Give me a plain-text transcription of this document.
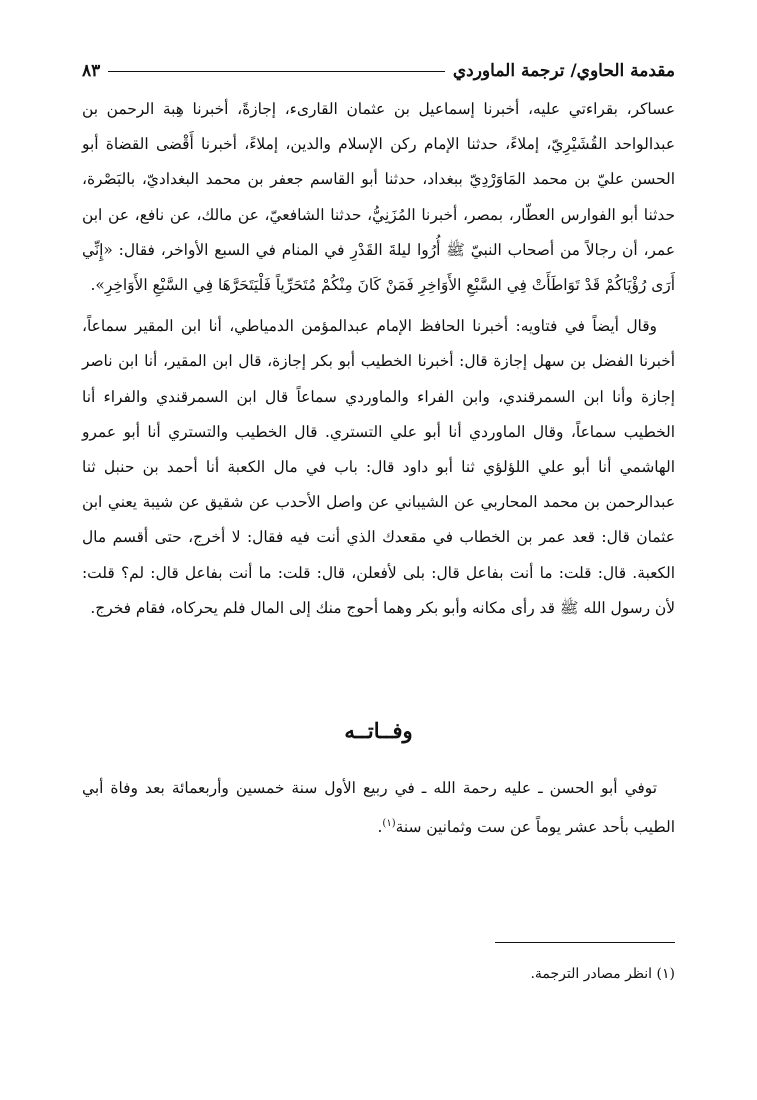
مقدمة الحاوي/ ترجمة الماوردي
٨٣

عساكر، بقراءتي عليه، أخبرنا إسماعيل بن عثمان القارىء، إجازةً، أخبرنا هِبة الرحمن بن عبدالواحد القُشَيْرِيّ، إملاءً، حدثنا الإمام ركن الإسلام والدين، إملاءً، أخبرنا أَقْضى القضاة أبو الحسن عليّ بن محمد المَاوَرْدِيّ ببغداد، حدثنا أبو القاسم جعفر بن محمد البغداديّ، بالبَصْرة، حدثنا أبو الفوارس العطّار، بمصر، أخبرنا المُزَنِيُّ، حدثنا الشافعيّ، عن مالك، عن نافع، عن ابن عمر، أن رجالاً من أصحاب النبيّ ﷺ أُرُوا ليلةَ القَدْرِ في المنام في السبع الأواخر، فقال: «إِنِّي أَرَى رُؤْيَاكُمْ قَدْ تَوَاطَأَتْ فِي السَّبْعِ الأَوَاخِرِ فَمَنْ كَانَ مِنْكُمْ مُتَحَرِّياً فَلْيَتَحَرَّهَا فِي السَّبْعِ الأَوَاخِرِ».

وقال أيضاً في فتاويه: أخبرنا الحافظ الإمام عبدالمؤمن الدمياطي، أنا ابن المقير سماعاً، أخبرنا الفضل بن سهل إجازة قال: أخبرنا الخطيب أبو بكر إجازة، قال ابن المقير، أنا ابن ناصر إجازة وأنا ابن السمرقندي، وابن الفراء والماوردي سماعاً قال ابن السمرقندي والفراء أنا الخطيب سماعاً، وقال الماوردي أنا أبو علي التستري. قال الخطيب والتستري أنا أبو عمرو الهاشمي أنا أبو علي اللؤلؤي ثنا أبو داود قال: باب في مال الكعبة أنا أحمد بن حنبل ثنا عبدالرحمن بن محمد المحاربي عن الشيباني عن واصل الأحدب عن شقيق عن شيبة يعني ابن عثمان قال: قعد عمر بن الخطاب في مقعدك الذي أنت فيه فقال: لا أخرج، حتى أقسم مال الكعبة. قال: قلت: ما أنت بفاعل قال: بلى لأفعلن، قال: قلت: ما أنت بفاعل قال: لم؟ قلت: لأن رسول الله ﷺ قد رأى مكانه وأبو بكر وهما أحوج منك إلى المال فلم يحركاه، فقام فخرج.

وفــاتــه

توفي أبو الحسن ـ عليه رحمة الله ـ في ربيع الأول سنة خمسين وأربعمائة بعد وفاة أبي الطيب بأحد عشر يوماً عن ست وثمانين سنة$^{(١)}$.

(١) انظر مصادر الترجمة.
